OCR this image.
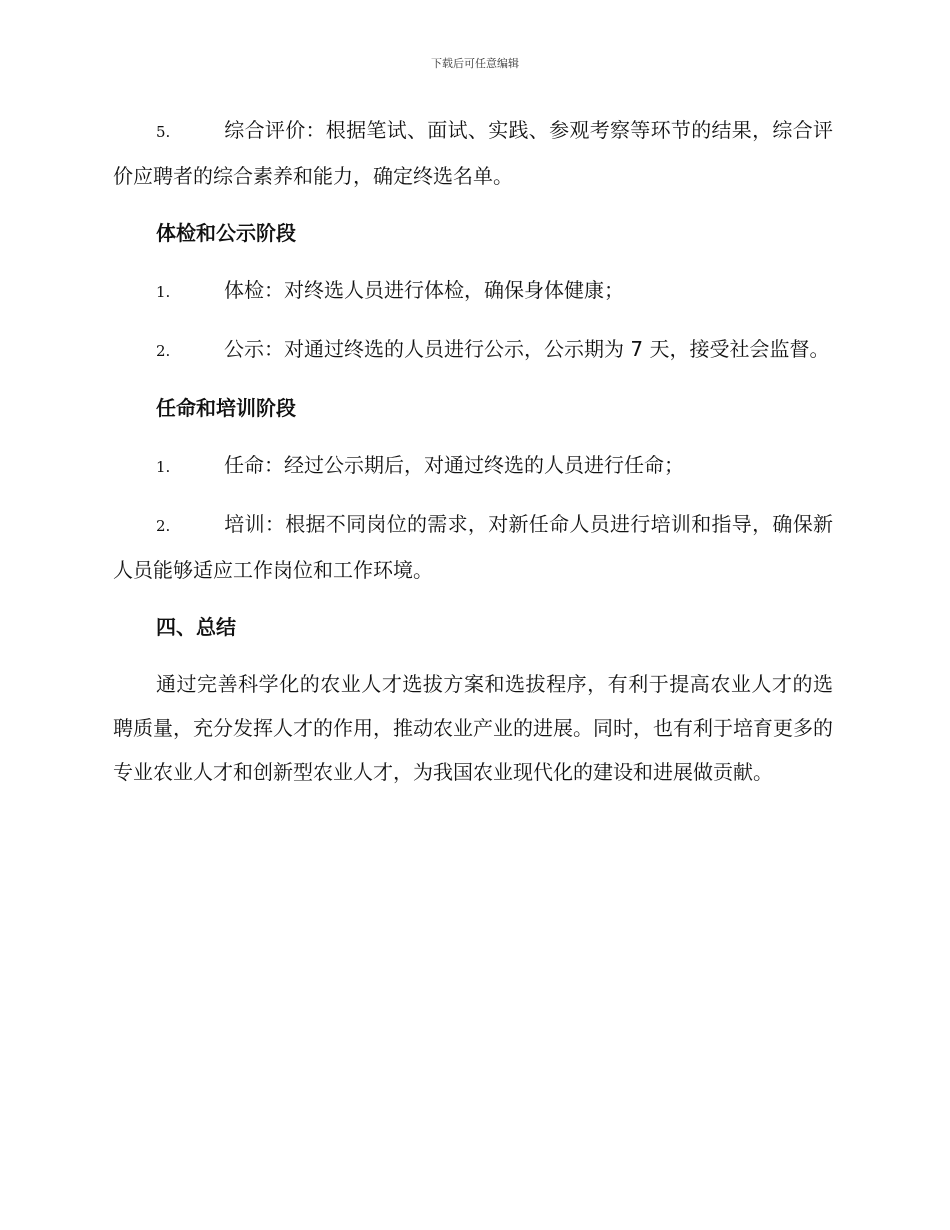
下载后可任意编辑

5.	综合评价：根据笔试、面试、实践、参观考察等环节的结果，综合评价应聘者的综合素养和能力，确定终选名单。

体检和公示阶段

1.	体检：对终选人员进行体检，确保身体健康；

2.	公示：对通过终选的人员进行公示，公示期为 7 天，接受社会监督。

任命和培训阶段

1.	任命：经过公示期后，对通过终选的人员进行任命；

2.	培训：根据不同岗位的需求，对新任命人员进行培训和指导，确保新人员能够适应工作岗位和工作环境。

四、总结

通过完善科学化的农业人才选拔方案和选拔程序，有利于提高农业人才的选聘质量，充分发挥人才的作用，推动农业产业的进展。同时，也有利于培育更多的专业农业人才和创新型农业人才，为我国农业现代化的建设和进展做贡献。
